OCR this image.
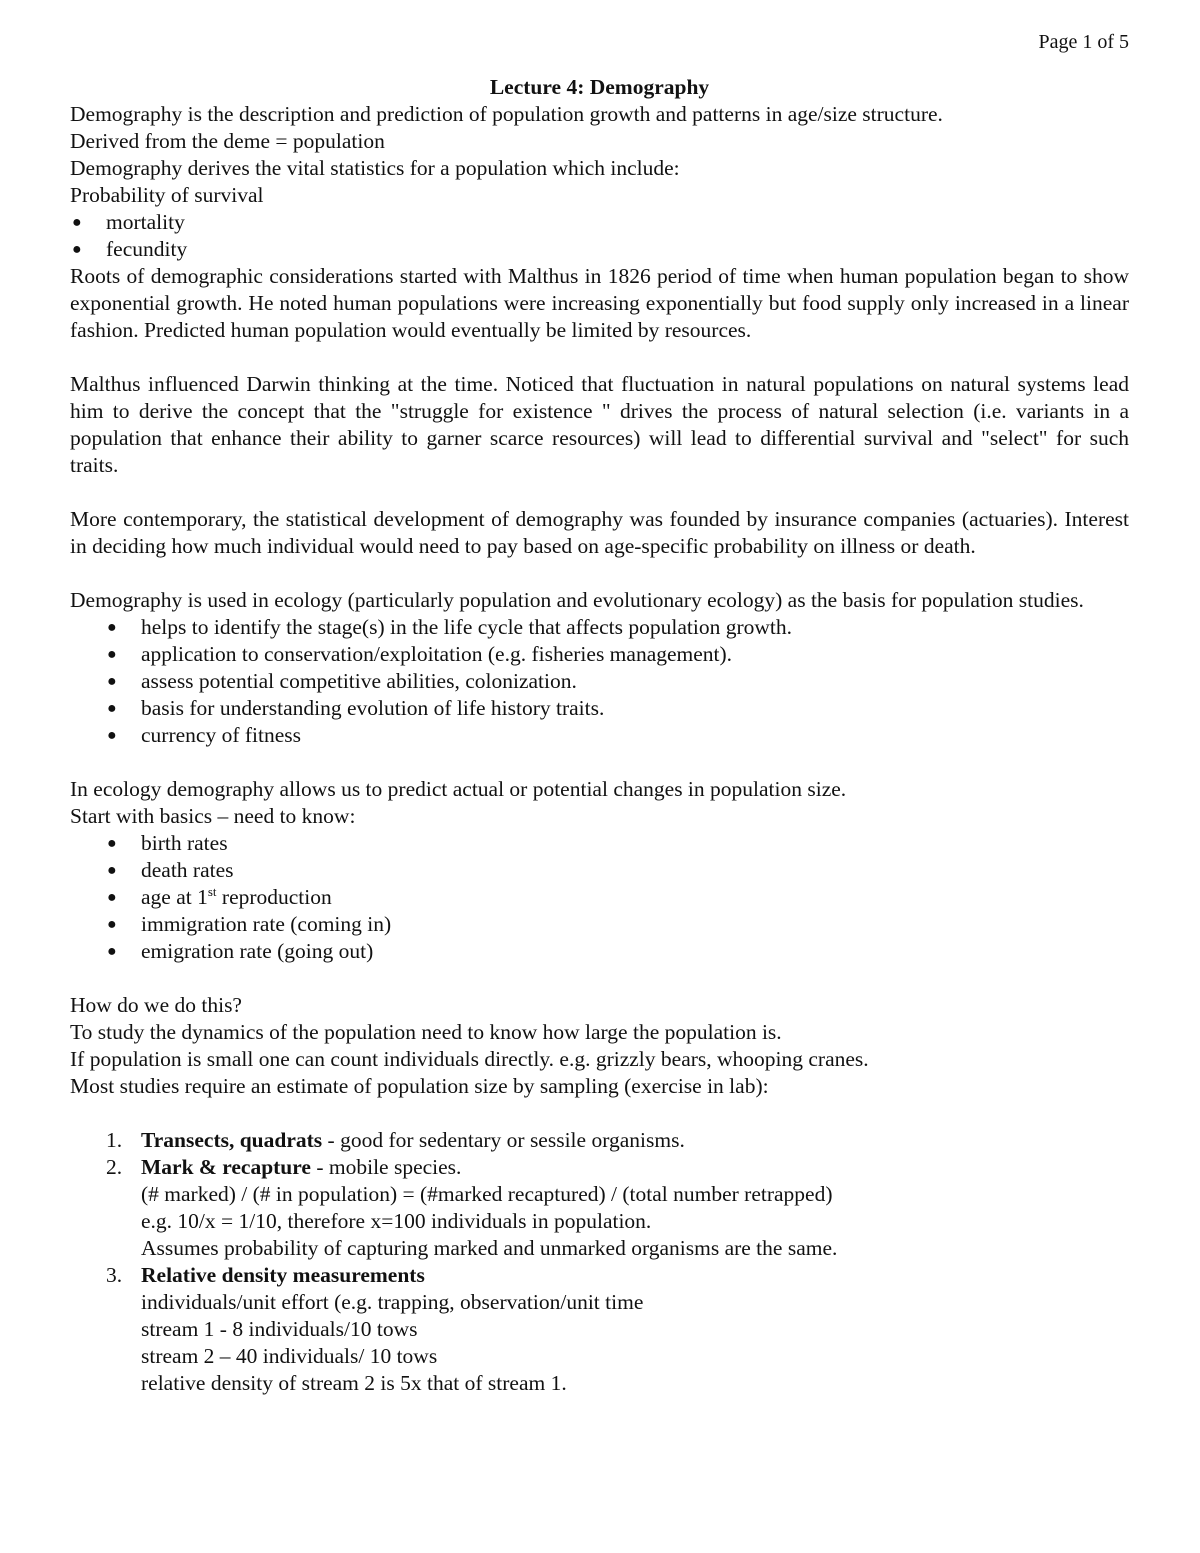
Page 1 of 5

Lecture 4: Demography

Demography is the description and prediction of population growth and patterns in age/size structure.

Derived from the deme = population

Demography derives the vital statistics for a population which include:

Probability of survival

● mortality
● fecundity

Roots of demographic considerations started with Malthus in 1826 period of time when human population began to show exponential growth. He noted human populations were increasing exponentially but food supply only increased in a linear fashion. Predicted human population would eventually be limited by resources.

Malthus influenced Darwin thinking at the time. Noticed that fluctuation in natural populations on natural systems lead him to derive the concept that the "struggle for existence " drives the process of natural selection (i.e. variants in a population that enhance their ability to garner scarce resources) will lead to differential survival and "select" for such traits.

More contemporary, the statistical development of demography was founded by insurance companies (actuaries). Interest in deciding how much individual would need to pay based on age-specific probability on illness or death.

Demography is used in ecology (particularly population and evolutionary ecology) as the basis for population studies.

● helps to identify the stage(s) in the life cycle that affects population growth.
● application to conservation/exploitation (e.g. fisheries management).
● assess potential competitive abilities, colonization.
● basis for understanding evolution of life history traits.
● currency of fitness

In ecology demography allows us to predict actual or potential changes in population size.

Start with basics – need to know:

● birth rates
● death rates
● age at 1st reproduction
● immigration rate (coming in)
● emigration rate (going out)

How do we do this?

To study the dynamics of the population need to know how large the population is.

If population is small one can count individuals directly. e.g. grizzly bears, whooping cranes.

Most studies require an estimate of population size by sampling (exercise in lab):

1. Transects, quadrats - good for sedentary or sessile organisms.
2. Mark & recapture - mobile species.
(# marked) / (# in population) = (#marked recaptured) / (total number retrapped)
e.g. 10/x = 1/10, therefore x=100 individuals in population.
Assumes probability of capturing marked and unmarked organisms are the same.
3. Relative density measurements
individuals/unit effort (e.g. trapping, observation/unit time
stream 1 - 8 individuals/10 tows
stream 2 – 40 individuals/ 10 tows
relative density of stream 2 is 5x that of stream 1.
